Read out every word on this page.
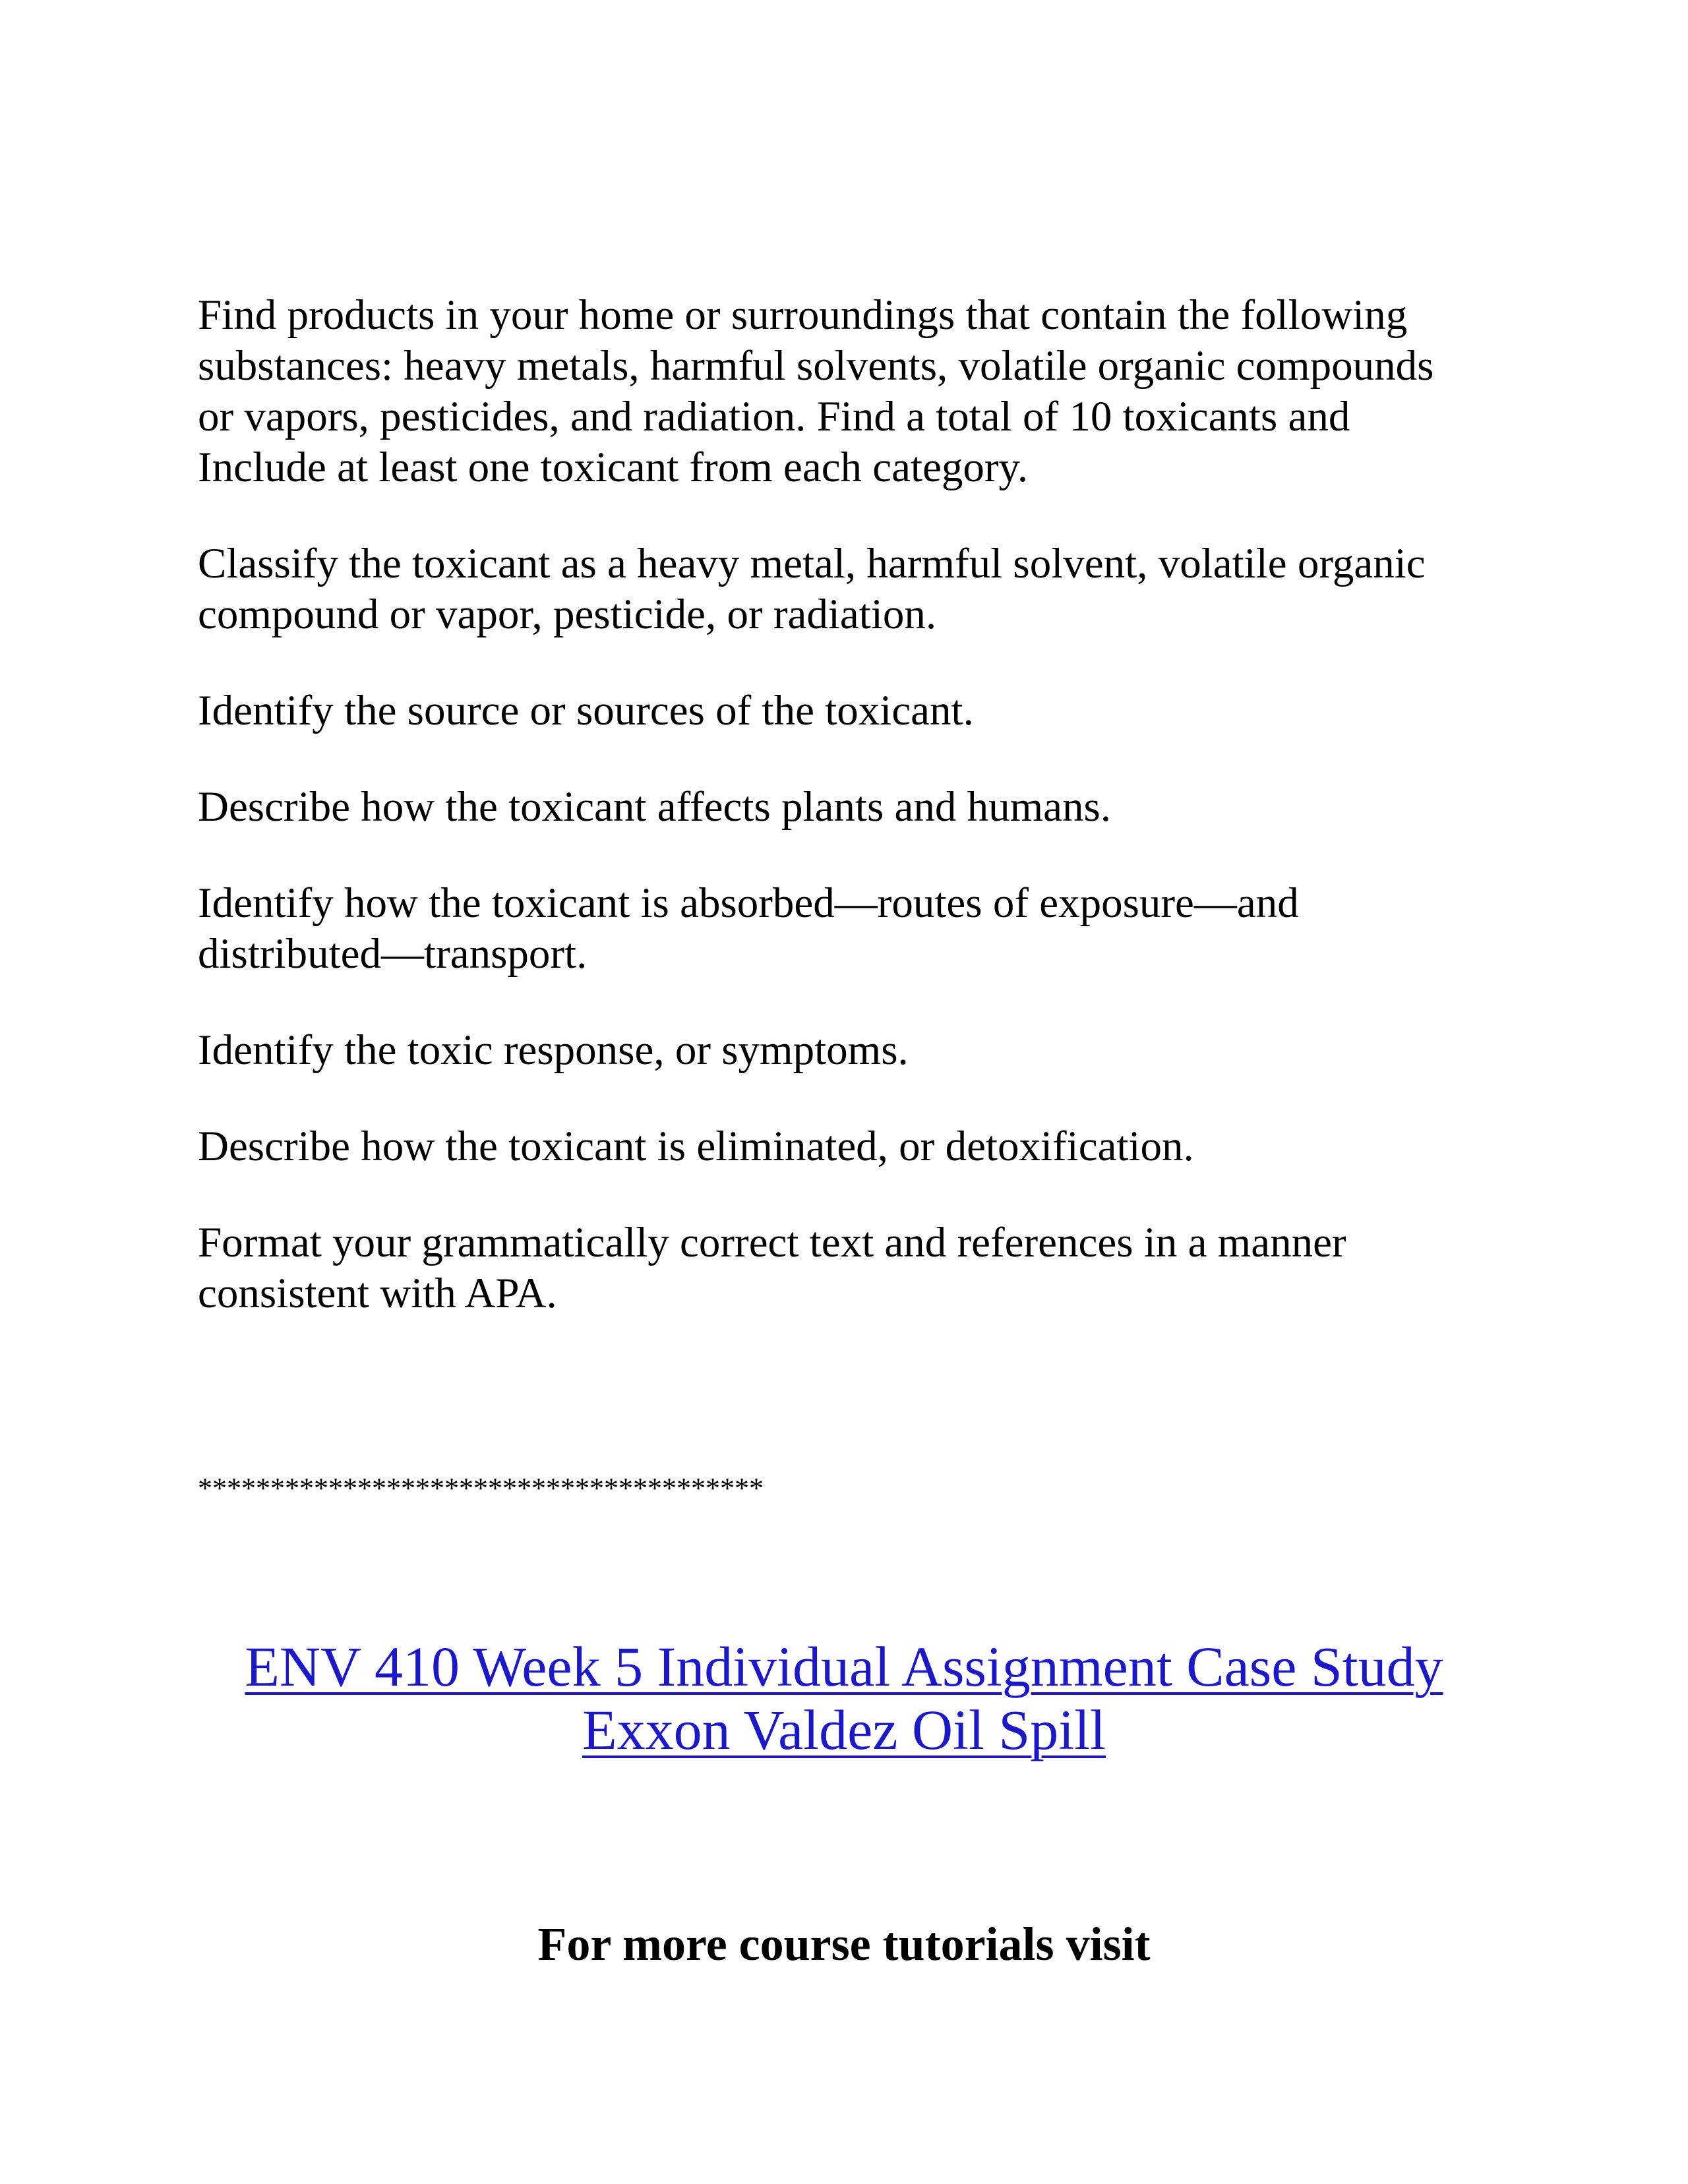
Find products in your home or surroundings that contain the following

substances: heavy metals, harmful solvents, volatile organic compounds

or vapors, pesticides, and radiation. Find a total of 10 toxicants and

Include at least one toxicant from each category.

Classify the toxicant as a heavy metal, harmful solvent, volatile organic

compound or vapor, pesticide, or radiation.

Identify the source or sources of the toxicant.

Describe how the toxicant affects plants and humans.

Identify how the toxicant is absorbed—routes of exposure—and

distributed—transport.

Identify the toxic response, or symptoms.

Describe how the toxicant is eliminated, or detoxification.

Format your grammatically correct text and references in a manner

consistent with APA.

***************************************
ENV 410 Week 5 Individual Assignment Case Study
Exxon Valdez Oil Spill
For more course tutorials visit
